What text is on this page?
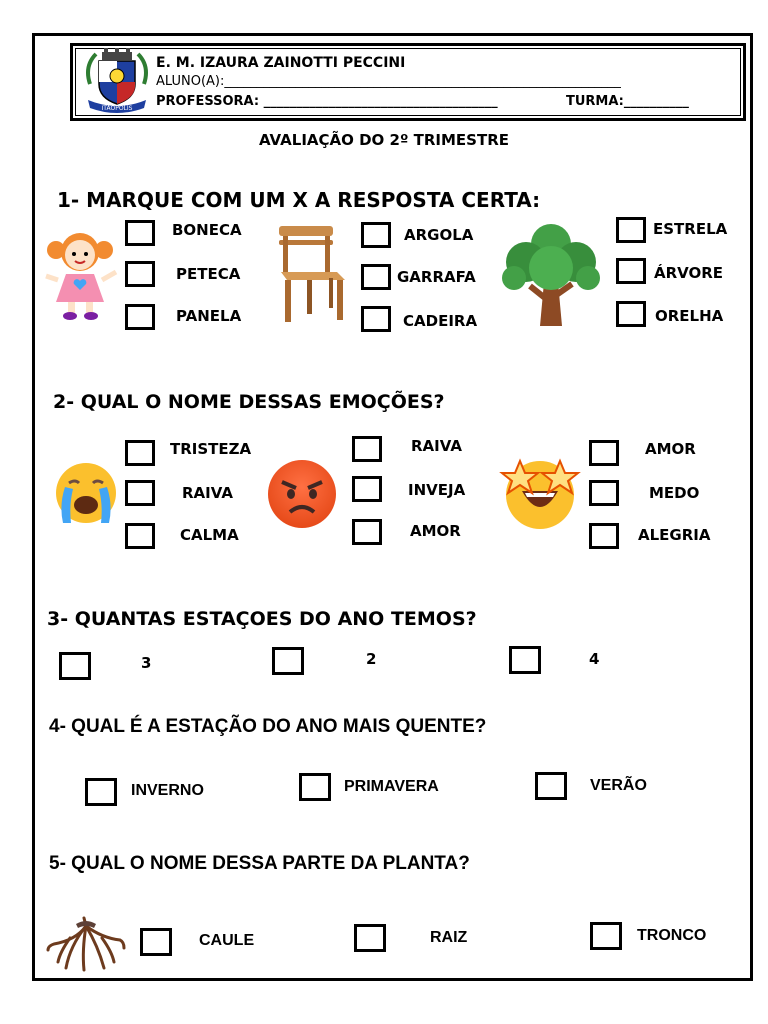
ITAÓPOLIS
E. M. IZAURA ZAINOTTI PECCINI
ALUNO(A):_____________________________________________________________
PROFESSORA: ____________________________________	TURMA:__________
AVALIAÇÃO DO 2º TRIMESTRE
1- MARQUE COM UM X A RESPOSTA CERTA:
BONECA
PETECA
PANELA
ARGOLA
GARRAFA
CADEIRA
ESTRELA
ÁRVORE
ORELHA
2- QUAL O NOME DESSAS EMOÇÕES?
TRISTEZA
RAIVA
CALMA
RAIVA
INVEJA
AMOR
AMOR
MEDO
ALEGRIA
3- QUANTAS ESTAÇOES DO ANO TEMOS?
3	2	4
4- QUAL É A ESTAÇÃO DO ANO MAIS QUENTE?
INVERNO	PRIMAVERA	VERÃO
5- QUAL O NOME DESSA PARTE DA PLANTA?
CAULE	RAIZ	TRONCO
